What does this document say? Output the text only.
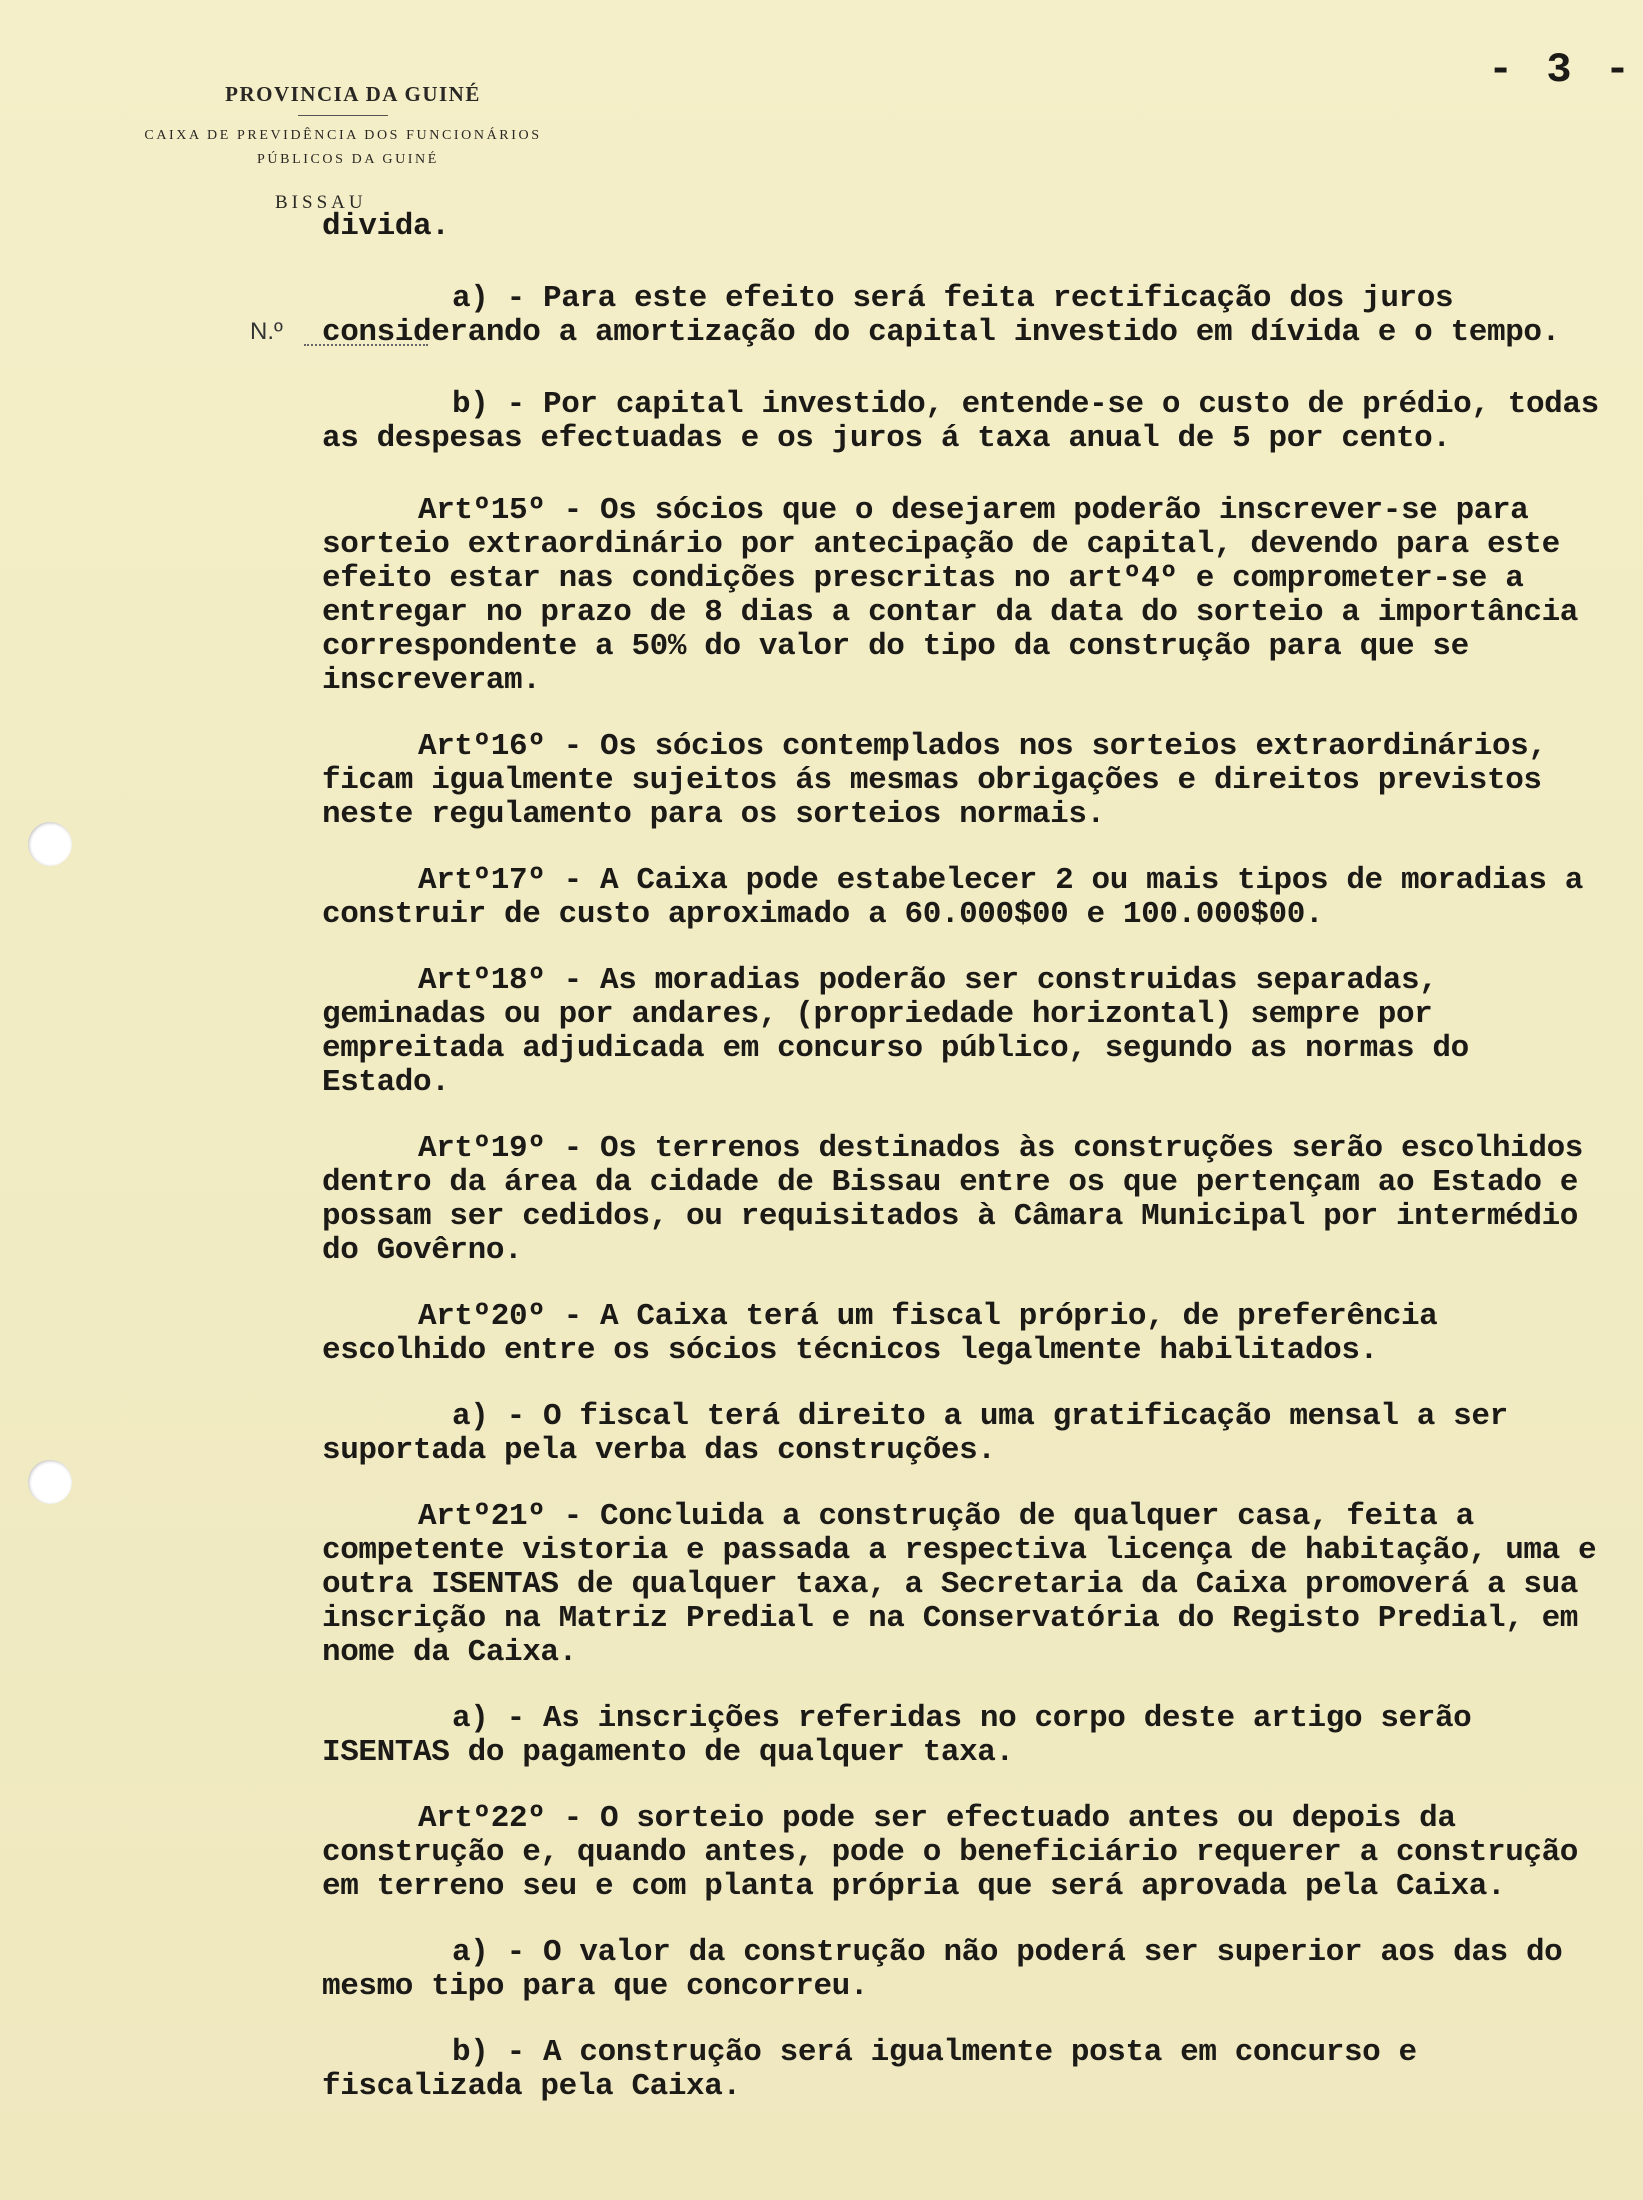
PROVINCIA DA GUINÉ
CAIXA DE PREVIDÊNCIA DOS FUNCIONÁRIOS
PÚBLICOS DA GUINÉ
BISSAU
N.º
- 3 -

divida.

a) - Para este efeito será feita rectificação dos juros considerando a amortização do capital investido em dívida e o tempo.

b) - Por capital investido, entende-se o custo de prédio, todas as despesas efectuadas e os juros á taxa anual de 5 por cento.

Artº15º - Os sócios que o desejarem poderão inscrever-se para sorteio extraordinário por antecipação de capital, devendo para este efeito estar nas condições prescritas no artº4º e comprometer-se a entregar no prazo de 8 dias a contar da data do sorteio a importância correspondente a 50% do valor do tipo da construção para que se inscreveram.

Artº16º - Os sócios contemplados nos sorteios extraordinários, ficam igualmente sujeitos ás mesmas obrigações e direitos previstos neste regulamento para os sorteios normais.

Artº17º - A Caixa pode estabelecer 2 ou mais tipos de moradias a construir de custo aproximado a 60.000$00 e 100.000$00.

Artº18º - As moradias poderão ser construidas separadas, geminadas ou por andares, (propriedade horizontal) sempre por empreitada adjudicada em concurso público, segundo as normas do Estado.

Artº19º - Os terrenos destinados às construções serão escolhidos dentro da área da cidade de Bissau entre os que pertençam ao Estado e possam ser cedidos, ou requisitados à Câmara Municipal por intermédio do Govêrno.

Artº20º - A Caixa terá um fiscal próprio, de preferência escolhido entre os sócios técnicos legalmente habilitados.

a) - O fiscal terá direito a uma gratificação mensal a ser suportada pela verba das construções.

Artº21º - Concluida a construção de qualquer casa, feita a competente vistoria e passada a respectiva licença de habitação, uma e outra ISENTAS de qualquer taxa, a Secretaria da Caixa promoverá a sua inscrição na Matriz Predial e na Conservatória do Registo Predial, em nome da Caixa.

a) - As inscrições referidas no corpo deste artigo serão ISENTAS do pagamento de qualquer taxa.

Artº22º - O sorteio pode ser efectuado antes ou depois da construção e, quando antes, pode o beneficiário requerer a construção em terreno seu e com planta própria que será aprovada pela Caixa.

a) - O valor da construção não poderá ser superior aos das do mesmo tipo para que concorreu.

b) - A construção será igualmente posta em concurso e fiscalizada pela Caixa.
